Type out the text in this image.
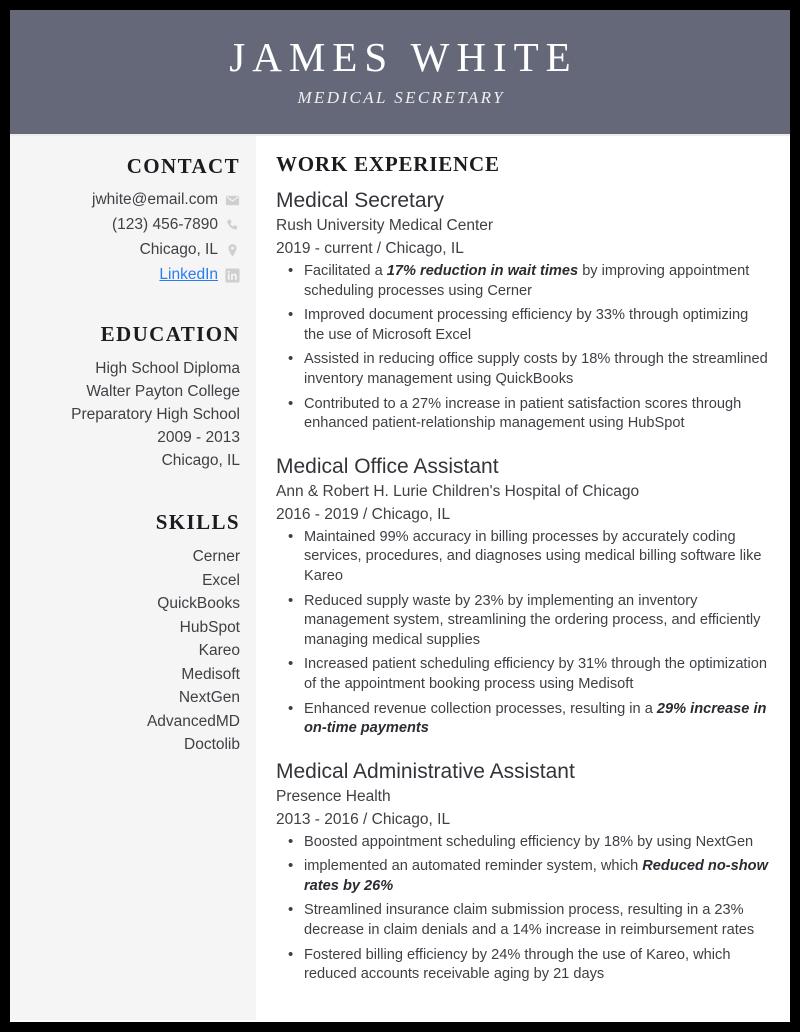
JAMES WHITE
MEDICAL SECRETARY
CONTACT
jwhite@email.com
(123) 456-7890
Chicago, IL
LinkedIn
EDUCATION
High School Diploma
Walter Payton College
Preparatory High School
2009 - 2013
Chicago, IL
SKILLS
Cerner
Excel
QuickBooks
HubSpot
Kareo
Medisoft
NextGen
AdvancedMD
Doctolib
WORK EXPERIENCE
Medical Secretary
Rush University Medical Center
2019 - current / Chicago, IL
• Facilitated a 17% reduction in wait times by improving appointment scheduling processes using Cerner
• Improved document processing efficiency by 33% through optimizing the use of Microsoft Excel
• Assisted in reducing office supply costs by 18% through the streamlined inventory management using QuickBooks
• Contributed to a 27% increase in patient satisfaction scores through enhanced patient-relationship management using HubSpot
Medical Office Assistant
Ann & Robert H. Lurie Children's Hospital of Chicago
2016 - 2019 / Chicago, IL
• Maintained 99% accuracy in billing processes by accurately coding services, procedures, and diagnoses using medical billing software like Kareo
• Reduced supply waste by 23% by implementing an inventory management system, streamlining the ordering process, and efficiently managing medical supplies
• Increased patient scheduling efficiency by 31% through the optimization of the appointment booking process using Medisoft
• Enhanced revenue collection processes, resulting in a 29% increase in on-time payments
Medical Administrative Assistant
Presence Health
2013 - 2016 / Chicago, IL
• Boosted appointment scheduling efficiency by 18% by using NextGen
• implemented an automated reminder system, which Reduced no-show rates by 26%
• Streamlined insurance claim submission process, resulting in a 23% decrease in claim denials and a 14% increase in reimbursement rates
• Fostered billing efficiency by 24% through the use of Kareo, which reduced accounts receivable aging by 21 days
